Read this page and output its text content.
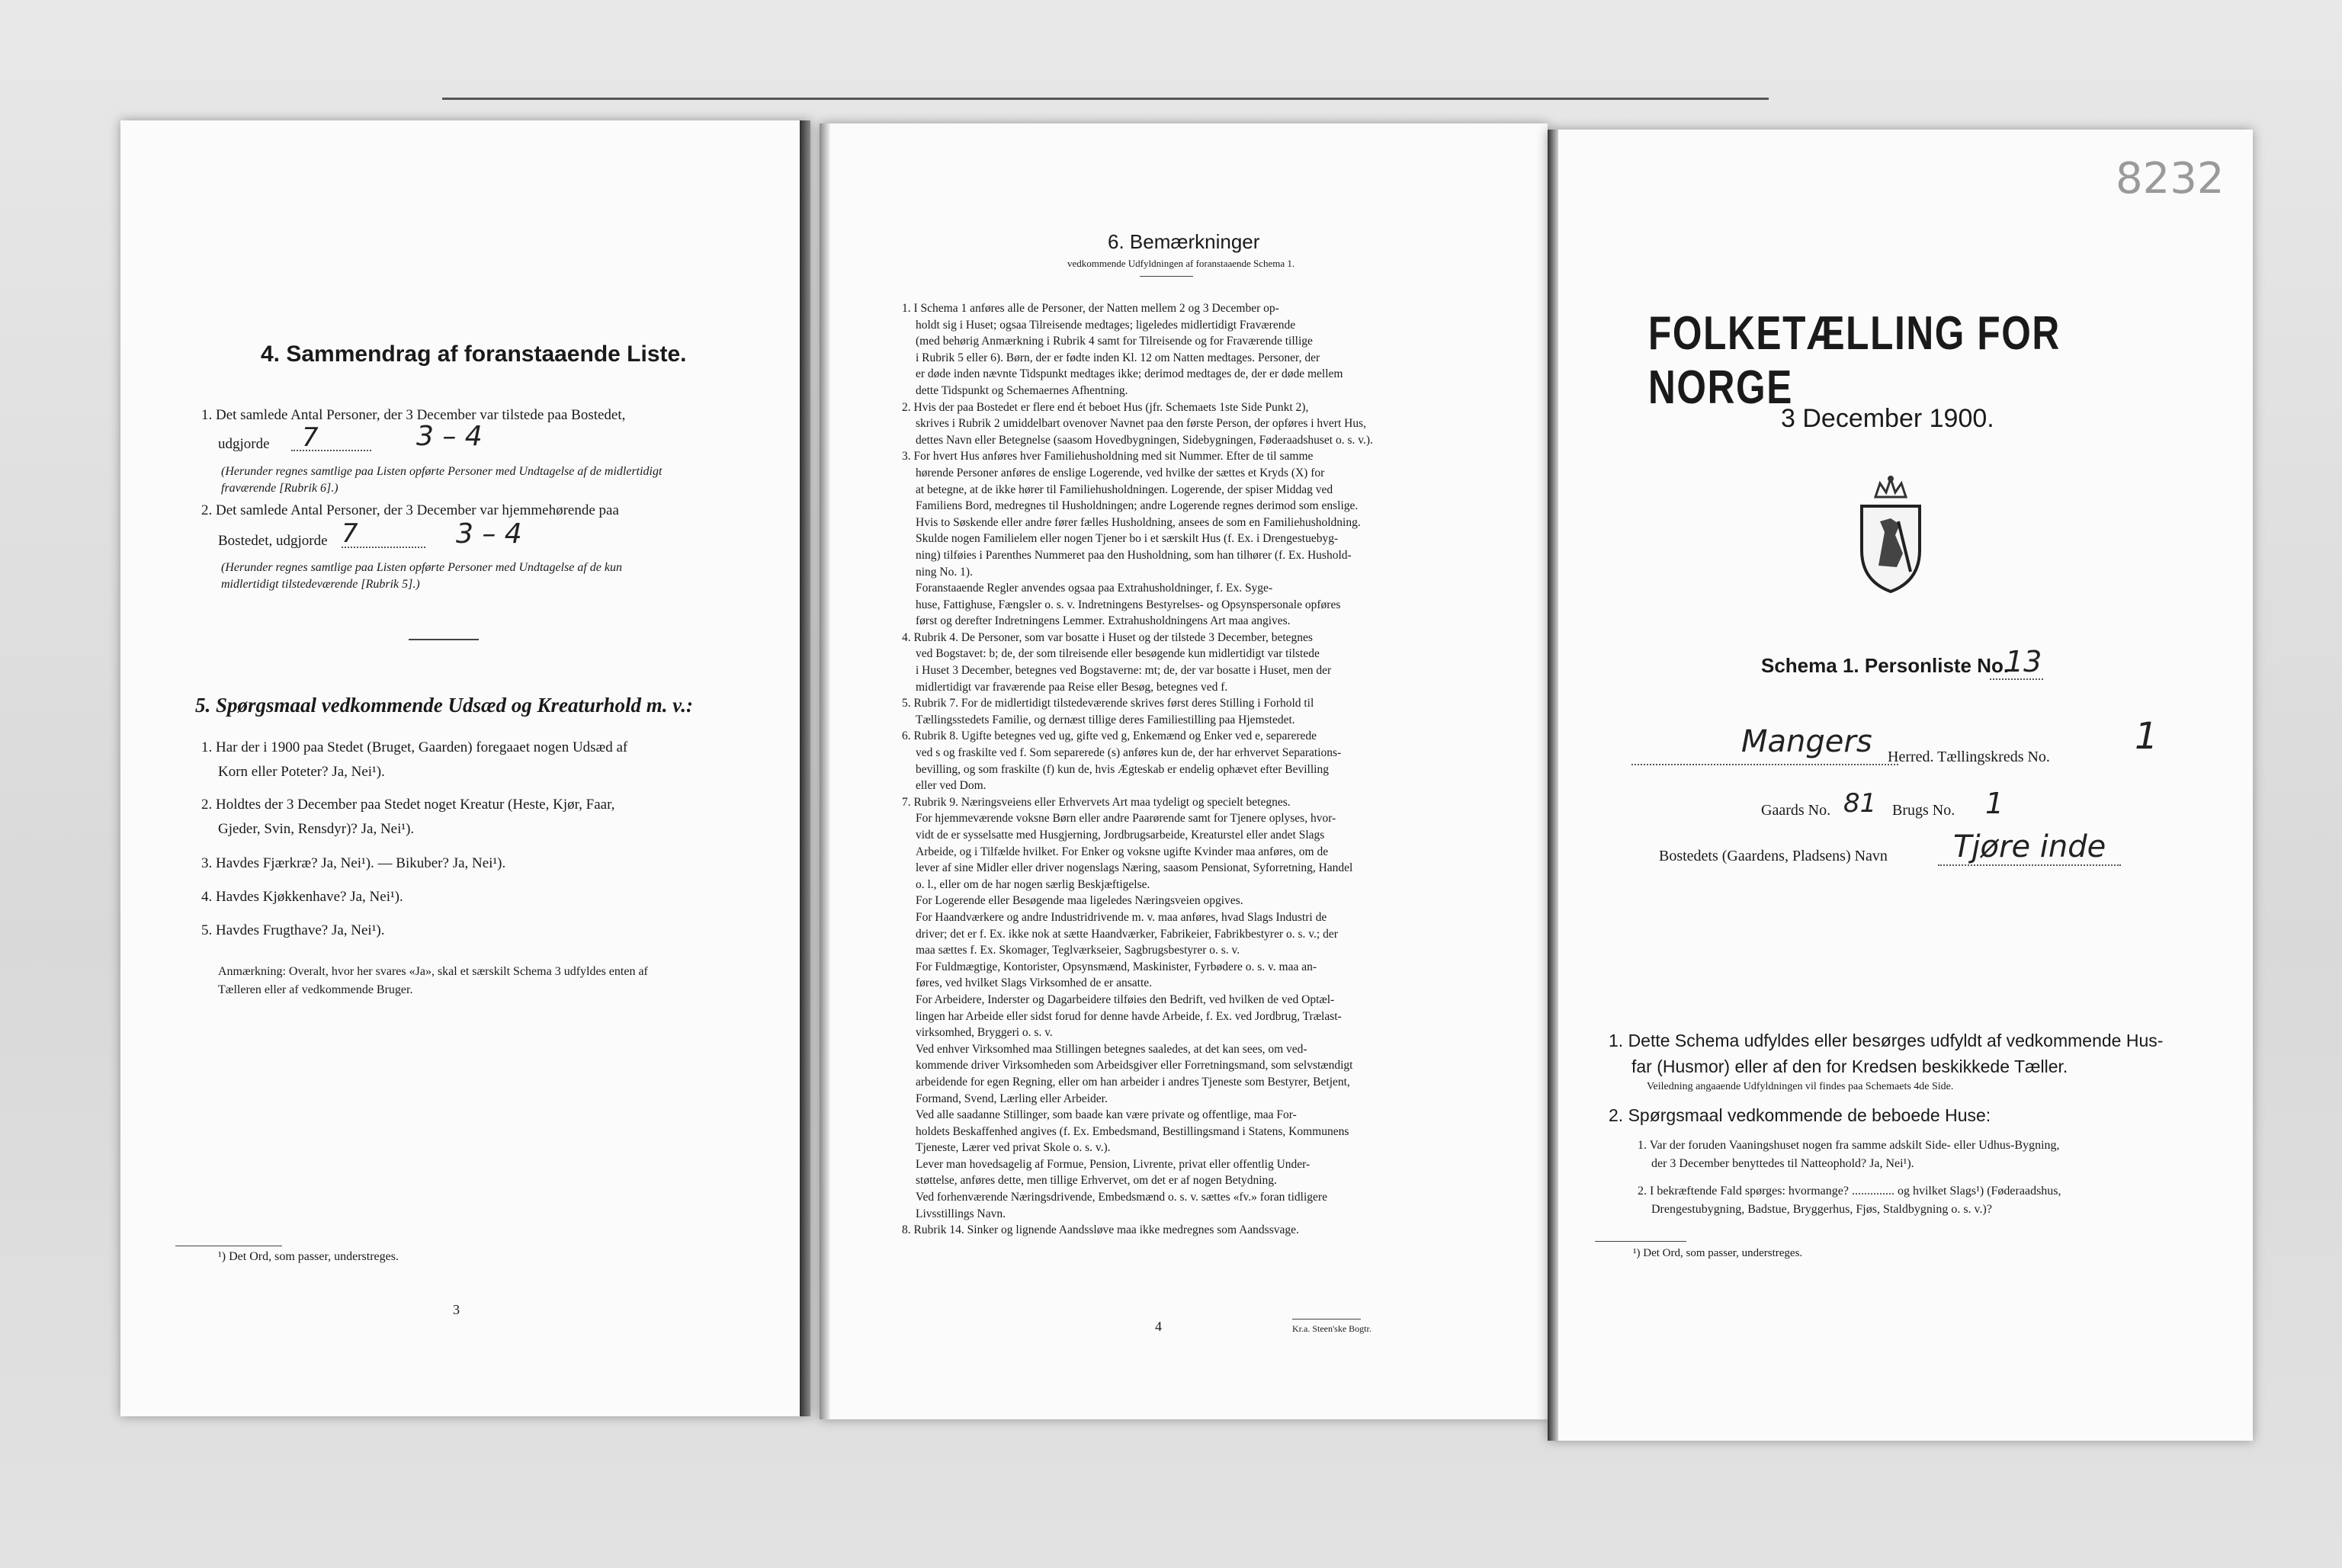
4. Sammendrag af foranstaaende Liste.
1. Det samlede Antal Personer, der 3 December var tilstede paa Bostedet,
udgjorde 7	3 – 4
(Herunder regnes samtlige paa Listen opførte Personer med Undtagelse af de midlertidigt
fraværende [Rubrik 6].)
2. Det samlede Antal Personer, der 3 December var hjemmehørende paa
Bostedet, udgjorde 7	3 – 4
(Herunder regnes samtlige paa Listen opførte Personer med Undtagelse af de kun
midlertidigt tilstedeværende [Rubrik 5].)
5. Spørgsmaal vedkommende Udsæd og Kreaturhold m. v.:
1. Har der i 1900 paa Stedet (Bruget, Gaarden) foregaaet nogen Udsæd af
Korn eller Poteter? Ja, Nei¹).
2. Holdtes der 3 December paa Stedet noget Kreatur (Heste, Kjør, Faar,
Gjeder, Svin, Rensdyr)? Ja, Nei¹).
3. Havdes Fjærkræ? Ja, Nei¹). — Bikuber? Ja, Nei¹).
4. Havdes Kjøkkenhave? Ja, Nei¹).
5. Havdes Frugthave? Ja, Nei¹).
Anmærkning: Overalt, hvor her svares «Ja», skal et særskilt Schema 3 udfyldes enten af
Tælleren eller af vedkommende Bruger.
¹) Det Ord, som passer, understreges.
3
6. Bemærkninger
vedkommende Udfyldningen af foranstaaende Schema 1.

1. I Schema 1 anføres alle de Personer, der Natten mellem 2 og 3 December op-

holdt sig i Huset; ogsaa Tilreisende medtages; ligeledes midlertidigt Fraværende

(med behørig Anmærkning i Rubrik 4 samt for Tilreisende og for Fraværende tillige

i Rubrik 5 eller 6). Børn, der er fødte inden Kl. 12 om Natten medtages. Personer, der

er døde inden nævnte Tidspunkt medtages ikke; derimod medtages de, der er døde mellem

dette Tidspunkt og Schemaernes Afhentning.

2. Hvis der paa Bostedet er flere end ét beboet Hus (jfr. Schemaets 1ste Side Punkt 2),

skrives i Rubrik 2 umiddelbart ovenover Navnet paa den første Person, der opføres i hvert Hus,

dettes Navn eller Betegnelse (saasom Hovedbygningen, Sidebygningen, Føderaadshuset o. s. v.).

3. For hvert Hus anføres hver Familiehusholdning med sit Nummer. Efter de til samme

hørende Personer anføres de enslige Logerende, ved hvilke der sættes et Kryds (X) for

at betegne, at de ikke hører til Familiehusholdningen. Logerende, der spiser Middag ved

Familiens Bord, medregnes til Husholdningen; andre Logerende regnes derimod som enslige.

Hvis to Søskende eller andre fører fælles Husholdning, ansees de som en Familiehusholdning.

Skulde nogen Familielem eller nogen Tjener bo i et særskilt Hus (f. Ex. i Drengestuebyg-

ning) tilføies i Parenthes Nummeret paa den Husholdning, som han tilhører (f. Ex. Hushold-

ning No. 1).

Foranstaaende Regler anvendes ogsaa paa Extrahusholdninger, f. Ex. Syge-

huse, Fattighuse, Fængsler o. s. v. Indretningens Bestyrelses- og Opsynspersonale opføres

først og derefter Indretningens Lemmer. Extrahusholdningens Art maa angives.

4. Rubrik 4. De Personer, som var bosatte i Huset og der tilstede 3 December, betegnes

ved Bogstavet: b; de, der som tilreisende eller besøgende kun midlertidigt var tilstede

i Huset 3 December, betegnes ved Bogstaverne: mt; de, der var bosatte i Huset, men der

midlertidigt var fraværende paa Reise eller Besøg, betegnes ved f.

5. Rubrik 7. For de midlertidigt tilstedeværende skrives først deres Stilling i Forhold til

Tællingsstedets Familie, og dernæst tillige deres Familiestilling paa Hjemstedet.

6. Rubrik 8. Ugifte betegnes ved ug, gifte ved g, Enkemænd og Enker ved e, separerede

ved s og fraskilte ved f. Som separerede (s) anføres kun de, der har erhvervet Separations-

bevilling, og som fraskilte (f) kun de, hvis Ægteskab er endelig ophævet efter Bevilling

eller ved Dom.

7. Rubrik 9. Næringsveiens eller Erhvervets Art maa tydeligt og specielt betegnes.

For hjemmeværende voksne Børn eller andre Paarørende samt for Tjenere oplyses, hvor-

vidt de er sysselsatte med Husgjerning, Jordbrugsarbeide, Kreaturstel eller andet Slags

Arbeide, og i Tilfælde hvilket. For Enker og voksne ugifte Kvinder maa anføres, om de

lever af sine Midler eller driver nogenslags Næring, saasom Pensionat, Syforretning, Handel

o. l., eller om de har nogen særlig Beskjæftigelse.

For Logerende eller Besøgende maa ligeledes Næringsveien opgives.

For Haandværkere og andre Industridrivende m. v. maa anføres, hvad Slags Industri de

driver; det er f. Ex. ikke nok at sætte Haandværker, Fabrikeier, Fabrikbestyrer o. s. v.; der

maa sættes f. Ex. Skomager, Teglværkseier, Sagbrugsbestyrer o. s. v.

For Fuldmægtige, Kontorister, Opsynsmænd, Maskinister, Fyrbødere o. s. v. maa an-

føres, ved hvilket Slags Virksomhed de er ansatte.

For Arbeidere, Inderster og Dagarbeidere tilføies den Bedrift, ved hvilken de ved Optæl-

lingen har Arbeide eller sidst forud for denne havde Arbeide, f. Ex. ved Jordbrug, Trælast-

virksomhed, Bryggeri o. s. v.

Ved enhver Virksomhed maa Stillingen betegnes saaledes, at det kan sees, om ved-

kommende driver Virksomheden som Arbeidsgiver eller Forretningsmand, som selvstændigt

arbeidende for egen Regning, eller om han arbeider i andres Tjeneste som Bestyrer, Betjent,

Formand, Svend, Lærling eller Arbeider.

Ved alle saadanne Stillinger, som baade kan være private og offentlige, maa For-

holdets Beskaffenhed angives (f. Ex. Embedsmand, Bestillingsmand i Statens, Kommunens

Tjeneste, Lærer ved privat Skole o. s. v.).

Lever man hovedsagelig af Formue, Pension, Livrente, privat eller offentlig Under-

støttelse, anføres dette, men tillige Erhvervet, om det er af nogen Betydning.

Ved forhenværende Næringsdrivende, Embedsmænd o. s. v. sættes «fv.» foran tidligere

Livsstillings Navn.

8. Rubrik 14. Sinker og lignende Aandssløve maa ikke medregnes som Aandssvage.

4	Kr.a. Steen'ske Bogtr.
8232
FOLKETÆLLING FOR NORGE
3 December 1900.
Schema 1. Personliste No.
13
Mangers Herred. Tællingskreds No. 1
Gaards No. 81 Brugs No. 1
Bostedets (Gaardens, Pladsens) Navn Tjøre inde
1. Dette Schema udfyldes eller besørges udfyldt af vedkommende Hus-
far (Husmor) eller af den for Kredsen beskikkede Tæller.
Veiledning angaaende Udfyldningen vil findes paa Schemaets 4de Side.
2. Spørgsmaal vedkommende de beboede Huse:
1. Var der foruden Vaaningshuset nogen fra samme adskilt Side- eller Udhus-Bygning,
der 3 December benyttedes til Natteophold? Ja, Nei¹).
2. I bekræftende Fald spørges: hvormange? .............. og hvilket Slags¹) (Føderaadshus,
Drengestubygning, Badstue, Bryggerhus, Fjøs, Staldbygning o. s. v.)?
¹) Det Ord, som passer, understreges.
